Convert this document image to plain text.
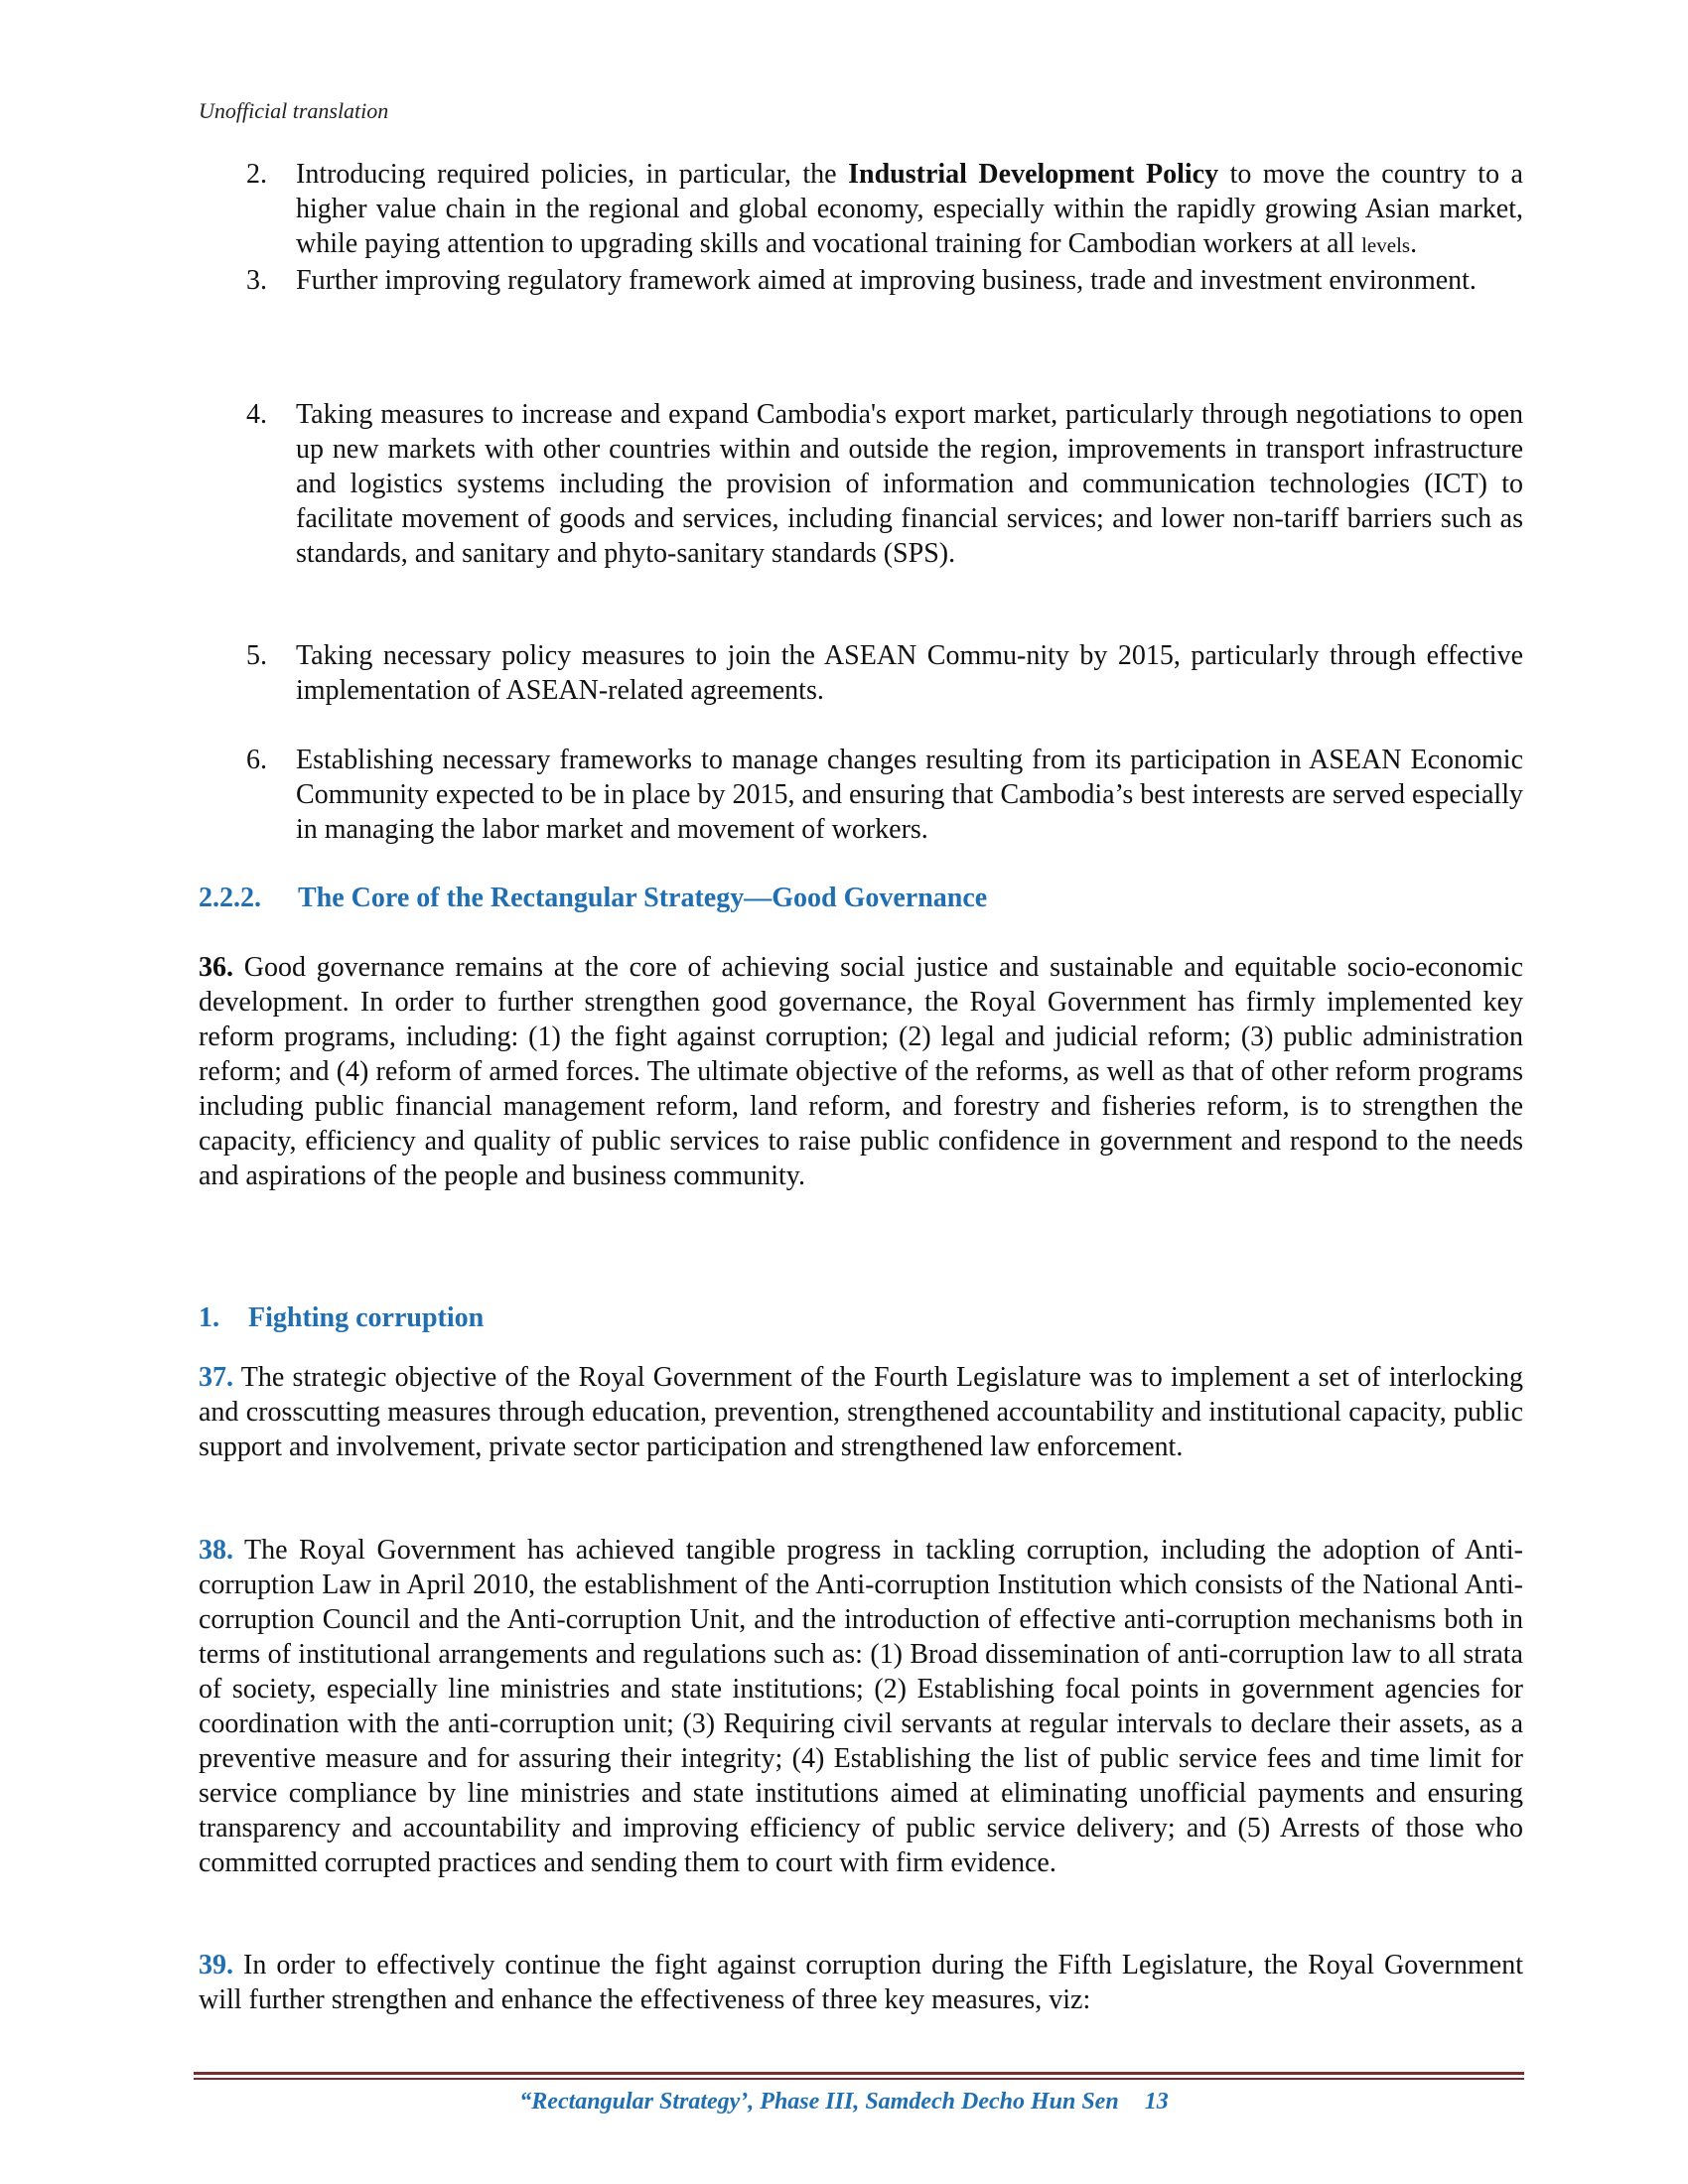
Unofficial translation
2. Introducing required policies, in particular, the Industrial Development Policy to move the country to a higher value chain in the regional and global economy, especially within the rapidly growing Asian market, while paying attention to upgrading skills and vocational training for Cambodian workers at all levels.
3. Further improving regulatory framework aimed at improving business, trade and investment environment.
4. Taking measures to increase and expand Cambodia's export market, particularly through negotiations to open up new markets with other countries within and outside the region, improvements in transport infrastructure and logistics systems including the provision of information and communication technologies (ICT) to facilitate movement of goods and services, including financial services; and lower non-tariff barriers such as standards, and sanitary and phyto-sanitary standards (SPS).
5. Taking necessary policy measures to join the ASEAN Commu-nity by 2015, particularly through effective implementation of ASEAN-related agreements.
6. Establishing necessary frameworks to manage changes resulting from its participation in ASEAN Economic Community expected to be in place by 2015, and ensuring that Cambodia’s best interests are served especially in managing the labor market and movement of workers.
2.2.2. The Core of the Rectangular Strategy—Good Governance
36. Good governance remains at the core of achieving social justice and sustainable and equitable socio-economic development. In order to further strengthen good governance, the Royal Government has firmly implemented key reform programs, including: (1) the fight against corruption; (2) legal and judicial reform; (3) public administration reform; and (4) reform of armed forces. The ultimate objective of the reforms, as well as that of other reform programs including public financial management reform, land reform, and forestry and fisheries reform, is to strengthen the capacity, efficiency and quality of public services to raise public confidence in government and respond to the needs and aspirations of the people and business community.
1. Fighting corruption
37. The strategic objective of the Royal Government of the Fourth Legislature was to implement a set of interlocking and crosscutting measures through education, prevention, strengthened accountability and institutional capacity, public support and involvement, private sector participation and strengthened law enforcement.
38. The Royal Government has achieved tangible progress in tackling corruption, including the adoption of Anti-corruption Law in April 2010, the establishment of the Anti-corruption Institution which consists of the National Anti-corruption Council and the Anti-corruption Unit, and the introduction of effective anti-corruption mechanisms both in terms of institutional arrangements and regulations such as: (1) Broad dissemination of anti-corruption law to all strata of society, especially line ministries and state institutions; (2) Establishing focal points in government agencies for coordination with the anti-corruption unit; (3) Requiring civil servants at regular intervals to declare their assets, as a preventive measure and for assuring their integrity; (4) Establishing the list of public service fees and time limit for service compliance by line ministries and state institutions aimed at eliminating unofficial payments and ensuring transparency and accountability and improving efficiency of public service delivery; and (5) Arrests of those who committed corrupted practices and sending them to court with firm evidence.
39. In order to effectively continue the fight against corruption during the Fifth Legislature, the Royal Government will further strengthen and enhance the effectiveness of three key measures, viz:
“Rectangular Strategy’, Phase III, Samdech Decho Hun Sen 13
